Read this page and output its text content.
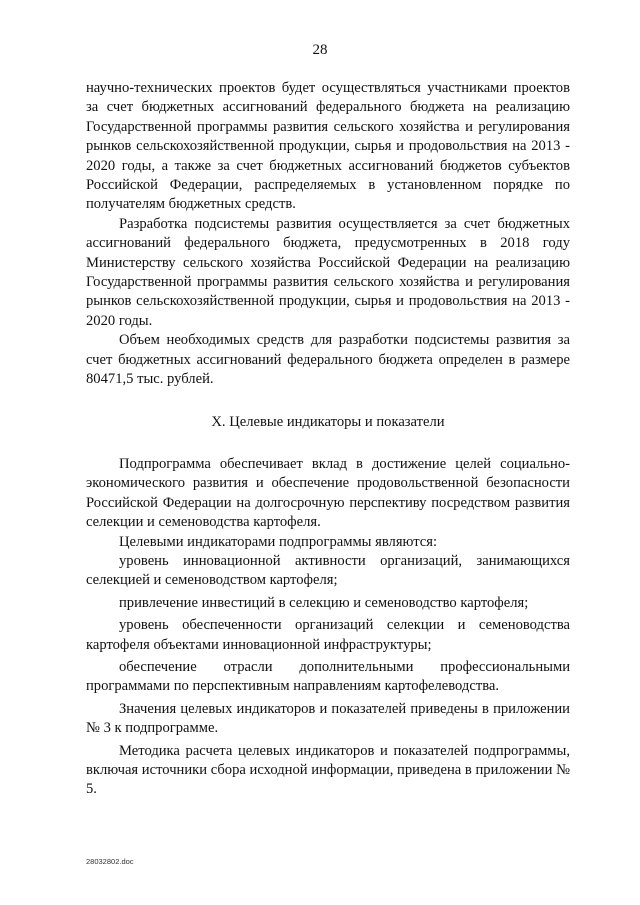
28

научно-технических проектов будет осуществляться участниками проектов за счет бюджетных ассигнований федерального бюджета на реализацию Государственной программы развития сельского хозяйства и регулирования рынков сельскохозяйственной продукции, сырья и продовольствия на 2013 - 2020 годы, а также за счет бюджетных ассигнований бюджетов субъектов Российской Федерации, распределяемых в установленном порядке по получателям бюджетных средств.

Разработка подсистемы развития осуществляется за счет бюджетных ассигнований федерального бюджета, предусмотренных в 2018 году Министерству сельского хозяйства Российской Федерации на реализацию Государственной программы развития сельского хозяйства и регулирования рынков сельскохозяйственной продукции, сырья и продовольствия на 2013 - 2020 годы.

Объем необходимых средств для разработки подсистемы развития за счет бюджетных ассигнований федерального бюджета определен в размере 80471,5 тыс. рублей.

X. Целевые индикаторы и показатели

Подпрограмма обеспечивает вклад в достижение целей социально-экономического развития и обеспечение продовольственной безопасности Российской Федерации на долгосрочную перспективу посредством развития селекции и семеноводства картофеля.

Целевыми индикаторами подпрограммы являются:

уровень инновационной активности организаций, занимающихся селекцией и семеноводством картофеля;

привлечение инвестиций в селекцию и семеноводство картофеля;

уровень обеспеченности организаций селекции и семеноводства картофеля объектами инновационной инфраструктуры;

обеспечение отрасли дополнительными профессиональными программами по перспективным направлениям картофелеводства.

Значения целевых индикаторов и показателей приведены в приложении № 3 к подпрограмме.

Методика расчета целевых индикаторов и показателей подпрограммы, включая источники сбора исходной информации, приведена в приложении № 5.

28032802.doc
